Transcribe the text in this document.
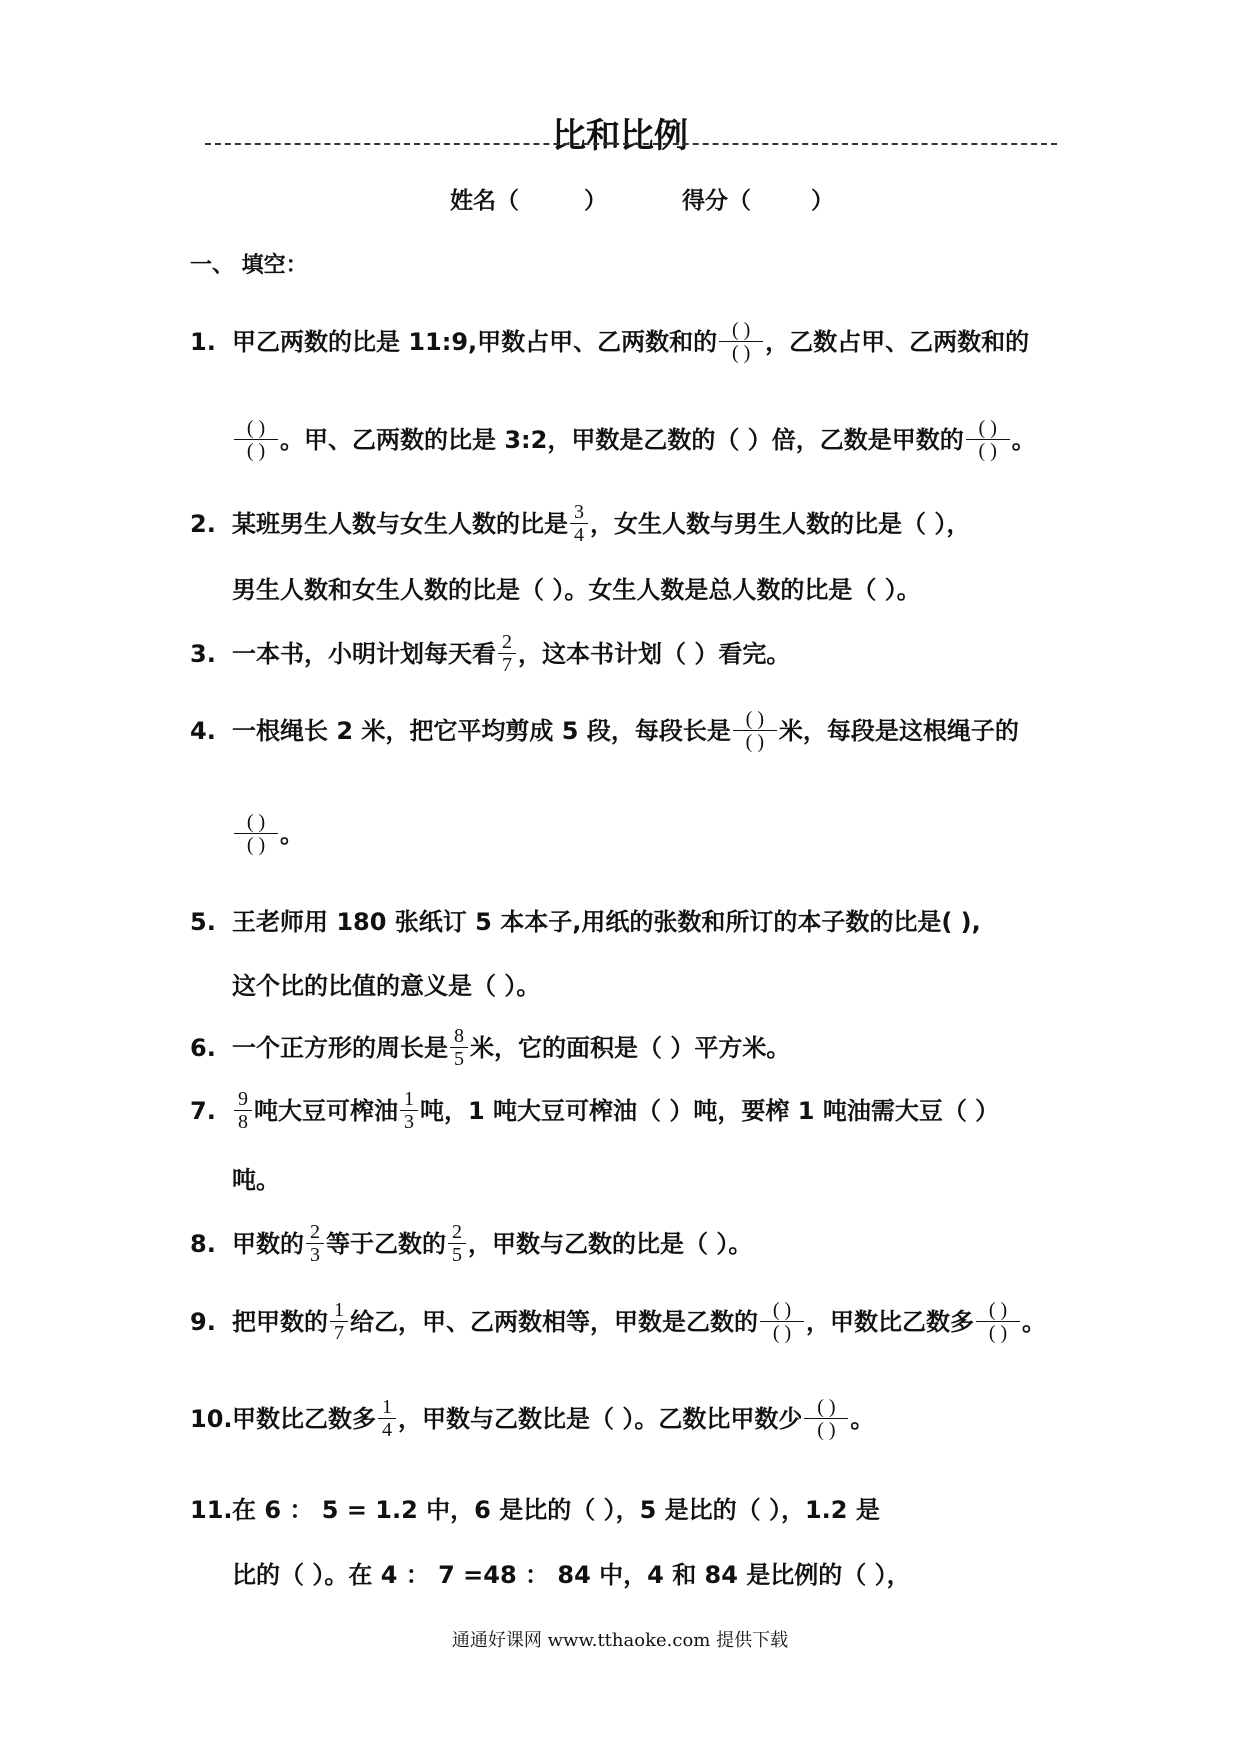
比和比例
姓名（	）	得分（	）
一、 填空：
1. 甲乙两数的比是 11:9,甲数占甲、乙两数和的 $\frac{( )}{( )}$ ，乙数占甲、乙两数和的
$\frac{( )}{( )}$ 。甲、乙两数的比是 3:2，甲数是乙数的（ ）倍，乙数是甲数的 $\frac{( )}{( )}$ 。
2. 某班男生人数与女生人数的比是 $\frac{3}{4}$ ，女生人数与男生人数的比是（ ），
男生人数和女生人数的比是（ ）。女生人数是总人数的比是（ ）。
3. 一本书，小明计划每天看 $\frac{2}{7}$ ，这本书计划（ ）看完。
4. 一根绳长 2 米，把它平均剪成 5 段，每段长是 $\frac{( )}{( )}$ 米，每段是这根绳子的
$\frac{( )}{( )}$ 。
5. 王老师用 180 张纸订 5 本本子,用纸的张数和所订的本子数的比是( ),
这个比的比值的意义是（ ）。
6. 一个正方形的周长是 $\frac{8}{5}$ 米，它的面积是（ ）平方米。
7. $\frac{9}{8}$ 吨大豆可榨油 $\frac{1}{3}$ 吨，1 吨大豆可榨油（ ）吨，要榨 1 吨油需大豆（ ）
吨。
8. 甲数的 $\frac{2}{3}$ 等于乙数的 $\frac{2}{5}$ ，甲数与乙数的比是（ ）。
9. 把甲数的 $\frac{1}{7}$ 给乙，甲、乙两数相等，甲数是乙数的 $\frac{( )}{( )}$ ，甲数比乙数多 $\frac{( )}{( )}$ 。
10. 甲数比乙数多 $\frac{1}{4}$ ，甲数与乙数比是（ ）。乙数比甲数少 $\frac{( )}{( )}$ 。
11. 在 6 ： 5 = 1.2 中，6 是比的（ ），5 是比的（ ），1.2 是
比的（ ）。在 4 ： 7 =48 ： 84 中，4 和 84 是比例的（ ），
通通好课网 www.tthaoke.com 提供下载
